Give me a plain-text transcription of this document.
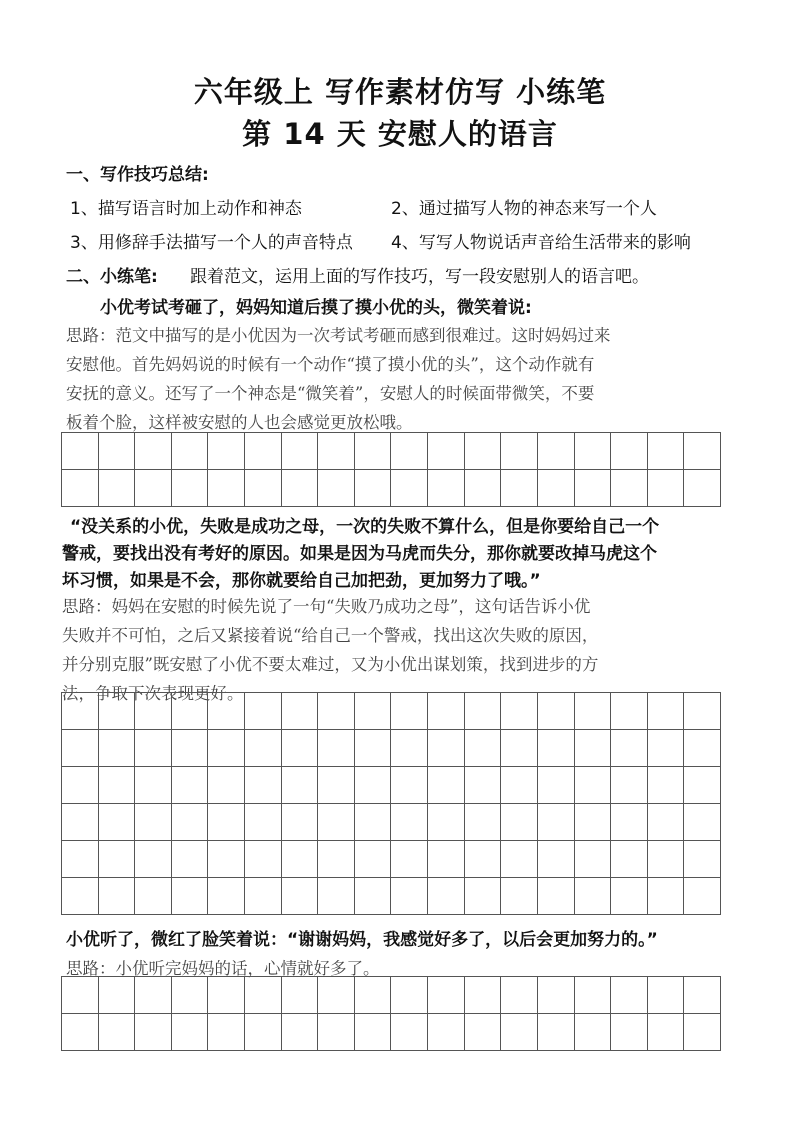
六年级上 写作素材仿写 小练笔
第 14 天 安慰人的语言
一、写作技巧总结:
1、描写语言时加上动作和神态	2、通过描写人物的神态来写一个人
3、用修辞手法描写一个人的声音特点 4、写写人物说话声音给生活带来的影响
二、小练笔: 跟着范文，运用上面的写作技巧，写一段安慰别人的语言吧。
小优考试考砸了，妈妈知道后摸了摸小优的头，微笑着说:
思路：范文中描写的是小优因为一次考试考砸而感到很难过。这时妈妈过来
安慰他。首先妈妈说的时候有一个动作“摸了摸小优的头”，这个动作就有
安抚的意义。还写了一个神态是“微笑着”，安慰人的时候面带微笑，不要
板着个脸，这样被安慰的人也会感觉更放松哦。
“没关系的小优，失败是成功之母，一次的失败不算什么，但是你要给自己一个
警戒，要找出没有考好的原因。如果是因为马虎而失分，那你就要改掉马虎这个
坏习惯，如果是不会，那你就要给自己加把劲，更加努力了哦。”
思路：妈妈在安慰的时候先说了一句“失败乃成功之母”，这句话告诉小优
失败并不可怕，之后又紧接着说“给自己一个警戒，找出这次失败的原因，
并分别克服”既安慰了小优不要太难过，又为小优出谋划策，找到进步的方
法，争取下次表现更好。
小优听了，微红了脸笑着说：“谢谢妈妈，我感觉好多了，以后会更加努力的。”
思路：小优听完妈妈的话，心情就好多了。
